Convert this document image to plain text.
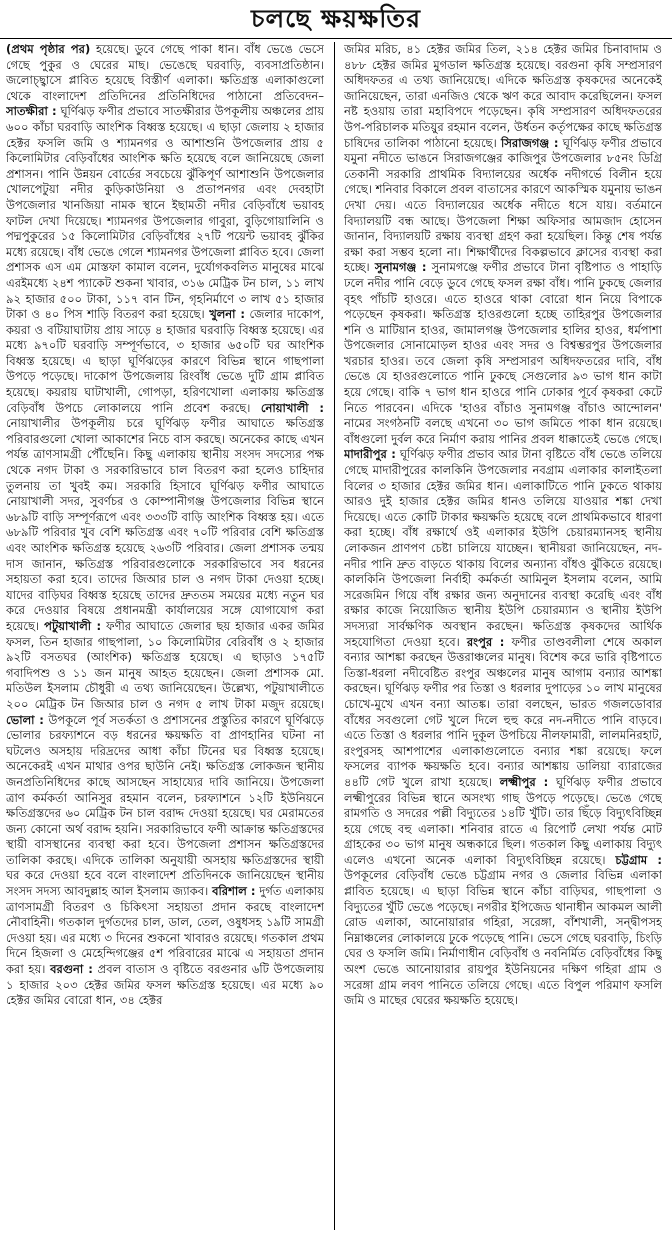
চলছে ক্ষয়ক্ষতির

(প্রথম পৃষ্ঠার পর) হয়েছে। ডুবে গেছে পাকা ধান। বাঁধ ভেঙে ভেসে গেছে পুকুর ও ঘেরের মাছ। ভেঙেছে ঘরবাড়ি, ব্যবসাপ্রতিষ্ঠান। জলোচ্ছ্বাসে প্লাবিত হয়েছে বিস্তীর্ণ এলাকা। ক্ষতিগ্রস্ত এলাকাগুলো থেকে বাংলাদেশ প্রতিদিনের প্রতিনিধিদের পাঠানো প্রতিবেদন– সাতক্ষীরা : ঘূর্ণিঝড় ফণীর প্রভাবে সাতক্ষীরার উপকূলীয় অঞ্চলের প্রায় ৬০০ কাঁচা ঘরবাড়ি আংশিক বিধ্বস্ত হয়েছে। এ ছাড়া জেলায় ২ হাজার হেক্টর ফসলি জমি ও শ্যামনগর ও আশাশুনি উপজেলার প্রায় ৫ কিলোমিটার বেড়িবাঁধের আংশিক ক্ষতি হয়েছে বলে জানিয়েছে জেলা প্রশাসন। পানি উন্নয়ন বোর্ডের সবচেয়ে ঝুঁকিপূর্ণ আশাশুনি উপজেলার খোলপেটুয়া নদীর কুড়িকাউনিয়া ও প্রতাপনগর এবং দেবহাটা উপজেলার খানজিয়া নামক স্থানে ইছামতী নদীর বেড়িবাঁধে ভয়াবহ ফাটল দেখা দিয়েছে। শ্যামনগর উপজেলার গাবুরা, বুড়িগোয়ালিনি ও পদ্মপুকুরের ১৫ কিলোমিটার বেড়িবাঁধের ২৭টি পয়েন্ট ভয়াবহ ঝুঁকির মধ্যে রয়েছে। বাঁধ ভেঙে গেলে শ্যামনগর উপজেলা প্লাবিত হবে। জেলা প্রশাসক এস এম মোস্তফা কামাল বলেন, দুর্যোগকবলিত মানুষের মাঝে এরইমধ্যে ২৪শ প্যাকেট শুকনা খাবার, ৩১৬ মেট্রিক টন চাল, ১১ লাখ ৯২ হাজার ৫০০ টাকা, ১১৭ বান টিন, গৃহনির্মাণে ৩ লাখ ৫১ হাজার টাকা ও ৪০ পিস শাড়ি বিতরণ করা হয়েছে। খুলনা : জেলার দাকোপ, কয়রা ও বটিয়াঘাটায় প্রায় সাড়ে ৪ হাজার ঘরবাড়ি বিধ্বস্ত হয়েছে। এর মধ্যে ৯৭০টি ঘরবাড়ি সম্পূর্ণভাবে, ৩ হাজার ৬৫০টি ঘর আংশিক বিধ্বস্ত হয়েছে। এ ছাড়া ঘূর্ণিঝড়ের কারণে বিভিন্ন স্থানে গাছপালা উপড়ে পড়েছে। দাকোপ উপজেলায় রিংবাঁধ ভেঙে দুটি গ্রাম প্লাবিত হয়েছে। কয়রায় ঘাটাখালী, গোপড়া, হরিণখোলা এলাকায় ক্ষতিগ্রস্ত বেড়িবাঁধ উপচে লোকালয়ে পানি প্রবেশ করছে। নোয়াখালী : নোয়াখালীর উপকূলীয় চরে ঘূর্ণিঝড় ফণীর আঘাতে ক্ষতিগ্রস্ত পরিবারগুলো খোলা আকাশের নিচে বাস করছে। অনেকের কাছে এখন পর্যন্ত ত্রাণসামগ্রী পৌঁছেনি। কিছু এলাকায় স্থানীয় সংসদ সদস্যের পক্ষ থেকে নগদ টাকা ও সরকারিভাবে চাল বিতরণ করা হলেও চাহিদার তুলনায় তা খুবই কম। সরকারি হিসাবে ঘূর্ণিঝড় ফণীর আঘাতে নোয়াখালী সদর, সুবর্ণচর ও কোম্পানীগঞ্জ উপজেলার বিভিন্ন স্থানে ৬৮৯টি বাড়ি সম্পূর্ণরূপে এবং ৩৩৩টি বাড়ি আংশিক বিধ্বস্ত হয়। এতে ৬৮৯টি পরিবার খুব বেশি ক্ষতিগ্রস্ত এবং ৭০টি পরিবার বেশি ক্ষতিগ্রস্ত এবং আংশিক ক্ষতিগ্রস্ত হয়েছে ২৬৩টি পরিবার। জেলা প্রশাসক তন্ময় দাস জানান, ক্ষতিগ্রস্ত পরিবারগুলোকে সরকারিভাবে সব ধরনের সহায়তা করা হবে। তাদের জিআর চাল ও নগদ টাকা দেওয়া হচ্ছে। যাদের বাড়িঘর বিধ্বস্ত হয়েছে তাদের দ্রুততম সময়ের মধ্যে নতুন ঘর করে দেওয়ার বিষয়ে প্রধানমন্ত্রী কার্যালয়ের সঙ্গে যোগাযোগ করা হয়েছে। পটুয়াখালী : ফণীর আঘাতে জেলার ছয় হাজার একর জমির ফসল, তিন হাজার গাছপালা, ১০ কিলোমিটার বেরিবাঁধ ও ২ হাজার ৯২টি বসতঘর (আংশিক) ক্ষতিগ্রস্ত হয়েছে। এ ছাড়াও ১৭৫টি গবাদিপশু ও ১১ জন মানুষ আহত হয়েছেন। জেলা প্রশাসক মো. মতিউল ইসলাম চৌধুরী এ তথ্য জানিয়েছেন। উল্লেখ্য, পটুয়াখালীতে ২০০ মেট্রিক টন জিআর চাল ও নগদ ৫ লাখ টাকা মজুদ রয়েছে। ভোলা : উপকূলে পূর্ব সতর্কতা ও প্রশাসনের প্রস্তুতির কারণে ঘূর্ণিঝড়ে ভোলার চরফ্যাশনে বড় ধরনের ক্ষয়ক্ষতি বা প্রাণহানির ঘটনা না ঘটলেও অসহায় দরিদ্রদের আধা কাঁচা টিনের ঘর বিধ্বস্ত হয়েছে। অনেকেরই এখন মাথার ওপর ছাউনি নেই। ক্ষতিগ্রস্ত লোকজন স্থানীয় জনপ্রতিনিধিদের কাছে আসছেন সাহায্যের দাবি জানিয়ে। উপজেলা ত্রাণ কর্মকর্তা আনিসুর রহমান বলেন, চরফ্যাশনে ১২টি ইউনিয়নে ক্ষতিগ্রস্তদের ৬০ মেট্রিক টন চাল বরাদ্দ দেওয়া হয়েছে। ঘর মেরামতের জন্য কোনো অর্থ বরাদ্দ হয়নি। সরকারিভাবে ফণী আক্রান্ত ক্ষতিগ্রস্তদের স্থায়ী বাসস্থানের ব্যবস্থা করা হবে। উপজেলা প্রশাসন ক্ষতিগ্রস্তদের তালিকা করছে। এদিকে তালিকা অনুযায়ী অসহায় ক্ষতিগ্রস্তদের স্থায়ী ঘর করে দেওয়া হবে বলে বাংলাদেশ প্রতিদিনকে জানিয়েছেন স্থানীয় সংসদ সদস্য আবদুল্লাহ আল ইসলাম জ্যাকব। বরিশাল : দুর্গত এলাকায় ত্রাণসামগ্রী বিতরণ ও চিকিৎসা সহায়তা প্রদান করছে বাংলাদেশ নৌবাহিনী। গতকাল দুর্গতদের চাল, ডাল, তেল, ওষুধসহ ১৯টি সামগ্রী দেওয়া হয়। এর মধ্যে ৩ দিনের শুকনো খাবারও রয়েছে। গতকাল প্রথম দিনে হিজলা ও মেহেন্দিগঞ্জের ৫শ পরিবারের মাঝে এ সহায়তা প্রদান করা হয়। বরগুনা : প্রবল বাতাস ও বৃষ্টিতে বরগুনার ৬টি উপজেলায় ১ হাজার ২০৩ হেক্টর জমির ফসল ক্ষতিগ্রস্ত হয়েছে। এর মধ্যে ৯০ হেক্টর জমির বোরো ধান, ৩৪ হেক্টর

জমির মরিচ, ৪১ হেক্টর জমির তিল, ২১৪ হেক্টর জমির চিনাবাদাম ও ৪৮৮ হেক্টর জমির মুগডাল ক্ষতিগ্রস্ত হয়েছে। বরগুনা কৃষি সম্প্রসারণ অধিদফতর এ তথ্য জানিয়েছে। এদিকে ক্ষতিগ্রস্ত কৃষকদের অনেকেই জানিয়েছেন, তারা এনজিও থেকে ঋণ করে আবাদ করেছিলেন। ফসল নষ্ট হওয়ায় তারা মহাবিপদে পড়েছেন। কৃষি সম্প্রসারণ অধিদফতরের উপ-পরিচালক মতিয়ুর রহমান বলেন, উর্ধতন কর্তৃপক্ষের কাছে ক্ষতিগ্রস্ত চাষিদের তালিকা পাঠানো হয়েছে। সিরাজগঞ্জ : ঘূর্ণিঝড় ফণীর প্রভাবে যমুনা নদীতে ভাঙনে সিরাজগঞ্জের কাজিপুর উপজেলার ৮৫নং ডিগ্রি তেকানী সরকারি প্রাথমিক বিদ্যালয়ের অর্ধেক নদীগর্ভে বিলীন হয়ে গেছে। শনিবার বিকালে প্রবল বাতাসের কারণে আকস্মিক যমুনায় ভাঙন দেখা দেয়। এতে বিদ্যালয়ের অর্ধেক নদীতে ধসে যায়। বর্তমানে বিদ্যালয়টি বন্ধ আছে। উপজেলা শিক্ষা অফিসার আমজাদ হোসেন জানান, বিদ্যালয়টি রক্ষায় ব্যবস্থা গ্রহণ করা হয়েছিল। কিন্তু শেষ পর্যন্ত রক্ষা করা সম্ভব হলো না। শিক্ষার্থীদের বিকল্পভাবে ক্লাসের ব্যবস্থা করা হচ্ছে। সুনামগঞ্জ : সুনামগঞ্জে ফণীর প্রভাবে টানা বৃষ্টিপাত ও পাহাড়ি ঢলে নদীর পানি বেড়ে ডুবে গেছে ফসল রক্ষা বাঁধ। পানি ঢুকছে জেলার বৃহৎ পাঁচটি হাওরে। এতে হাওরে থাকা বোরো ধান নিয়ে বিপাকে পড়েছেন কৃষকরা। ক্ষতিগ্রস্ত হাওরগুলো হচ্ছে তাহিরপুর উপজেলার শনি ও মাটিয়ান হাওর, জামালগঞ্জ উপজেলার হালির হাওর, ধর্মপাশা উপজেলার সোনামোড়ল হাওর এবং সদর ও বিশ্বম্ভরপুর উপজেলার খরচার হাওর। তবে জেলা কৃষি সম্প্রসারণ অধিদফতরের দাবি, বাঁধ ভেঙে যে হাওরগুলোতে পানি ঢুকছে সেগুলোর ৯৩ ভাগ ধান কাটা হয়ে গেছে। বাকি ৭ ভাগ ধান হাওরে পানি ঢোকার পূর্বে কৃষকরা কেটে নিতে পারবেন। এদিকে 'হাওর বাঁচাও সুনামগঞ্জ বাঁচাও আন্দোলন' নামের সংগঠনটি বলছে এখনো ৩০ ভাগ জমিতে পাকা ধান রয়েছে। বাঁধগুলো দুর্বল করে নির্মাণ করায় পানির প্রবল ধাক্কাতেই ভেঙে গেছে। মাদারীপুর : ঘূর্ণিঝড় ফণীর প্রভাব আর টানা বৃষ্টিতে বাঁধ ভেঙে তলিয়ে গেছে মাদারীপুরের কালকিনি উপজেলার নবগ্রাম এলাকার কালাইতলা বিলের ৩ হাজার হেক্টর জমির ধান। এলাকাটিতে পানি ঢুকতে থাকায় আরও দুই হাজার হেক্টর জমির ধানও তলিয়ে যাওয়ার শঙ্কা দেখা দিয়েছে। এতে কোটি টাকার ক্ষয়ক্ষতি হয়েছে বলে প্রাথমিকভাবে ধারণা করা হচ্ছে। বাঁধ রক্ষার্থে ওই এলাকার ইউপি চেয়ারম্যানসহ স্থানীয় লোকজন প্রাণপণ চেষ্টা চালিয়ে যাচ্ছেন। স্থানীয়রা জানিয়েছেন, নদ-নদীর পানি দ্রুত বাড়তে থাকায় বিলের অন্যান্য বাঁধও ঝুঁকিতে রয়েছে। কালকিনি উপজেলা নির্বাহী কর্মকর্তা আমিনুল ইসলাম বলেন, আমি সরেজমিন গিয়ে বাঁধ রক্ষার জন্য অনুদানের ব্যবস্থা করেছি এবং বাঁধ রক্ষার কাজে নিয়োজিত স্থানীয় ইউপি চেয়ারম্যান ও স্থানীয় ইউপি সদস্যরা সার্বক্ষণিক অবস্থান করছেন। ক্ষতিগ্রস্ত কৃষকদের আর্থিক সহযোগিতা দেওয়া হবে। রংপুর : ফণীর তাণ্ডবলীলা শেষে অকাল বন্যার আশঙ্কা করছেন উত্তরাঞ্চলের মানুষ। বিশেষ করে ভারি বৃষ্টিপাতে তিস্তা-ধরলা নদীবেষ্টিত রংপুর অঞ্চলের মানুষ আগাম বন্যার আশঙ্কা করছেন। ঘূর্ণিঝড় ফণীর পর তিস্তা ও ধরলার দুপাড়ের ১০ লাখ মানুষের চোখে-মুখে এখন বন্যা আতঙ্ক। তারা বলছেন, ভারত গজলডোবার বাঁধের সবগুলো গেট খুলে দিলে হুহু করে নদ-নদীতে পানি বাড়বে। এতে তিস্তা ও ধরলার পানি দুকূল উপচিয়ে নীলফামারী, লালমনিরহাট, রংপুরসহ আশপাশের এলাকাগুলোতে বন্যার শঙ্কা রয়েছে। ফলে ফসলের ব্যাপক ক্ষয়ক্ষতি হবে। বন্যার আশঙ্কায় ডালিয়া ব্যারাজের ৪৪টি গেট খুলে রাখা হয়েছে। লক্ষ্মীপুর : ঘূর্ণিঝড় ফণীর প্রভাবে লক্ষ্মীপুরের বিভিন্ন স্থানে অসংখ্য গাছ উপড়ে পড়েছে। ভেঙে গেছে রামগতি ও সদরের পল্লী বিদ্যুতের ১৪টি খুঁটি। তার ছিঁড়ে বিদ্যুৎবিচ্ছিন্ন হয়ে গেছে বহু এলাকা। শনিবার রাতে এ রিপোর্ট লেখা পর্যন্ত মোট গ্রাহকের ৩০ ভাগ মানুষ অন্ধকারে ছিল। গতকাল কিছু এলাকায় বিদ্যুৎ এলেও এখনো অনেক এলাকা বিদ্যুৎবিচ্ছিন্ন রয়েছে। চট্টগ্রাম : উপকূলের বেড়িবাঁধ ভেঙে চট্টগ্রাম নগর ও জেলার বিভিন্ন এলাকা প্লাবিত হয়েছে। এ ছাড়া বিভিন্ন স্থানে কাঁচা বাড়িঘর, গাছপালা ও বিদ্যুতের খুঁটি ভেঙে পড়েছে। নগরীর ইপিজেড থানাধীন আকমল আলী রোড এলাকা, আনোয়ারার গহিরা, সরেঙ্গা, বাঁশখালী, সন্দ্বীপসহ নিম্নাঞ্চলের লোকালয়ে ঢুকে পড়েছে পানি। ভেসে গেছে ঘরবাড়ি, চিংড়ি ঘের ও ফসলি জমি। নির্মাণাধীন বেড়িবাঁধ ও নবনির্মিত বেড়িবাঁধের কিছু অংশ ভেঙে আনোয়ারার রায়পুর ইউনিয়নের দক্ষিণ গহিরা গ্রাম ও সরেঙ্গা গ্রাম লবণ পানিতে তলিয়ে গেছে। এতে বিপুল পরিমাণ ফসলি জমি ও মাছের ঘেরের ক্ষয়ক্ষতি হয়েছে।
